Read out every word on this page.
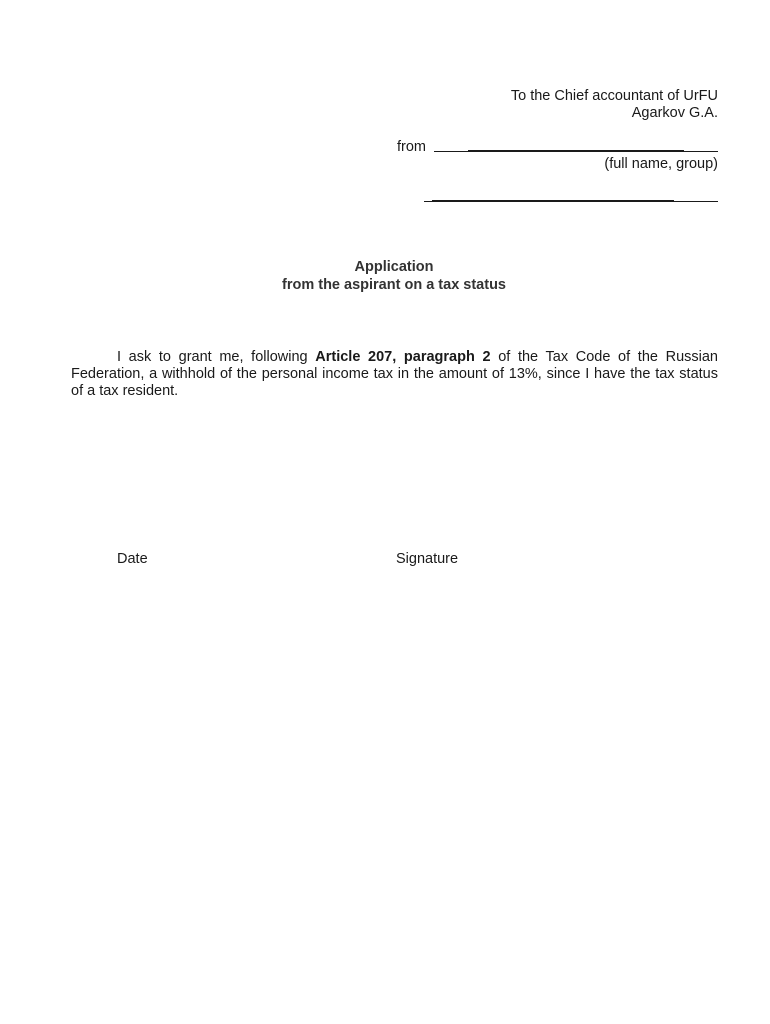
To the Chief accountant of UrFU
Agarkov G.A.
from
(full name, group)
Application
from the aspirant on a tax status

I ask to grant me, following Article 207, paragraph 2 of the Tax Code of the Russian Federation, a withhold of the personal income tax in the amount of 13%, since I have the tax status of a tax resident.

Date	Signature
